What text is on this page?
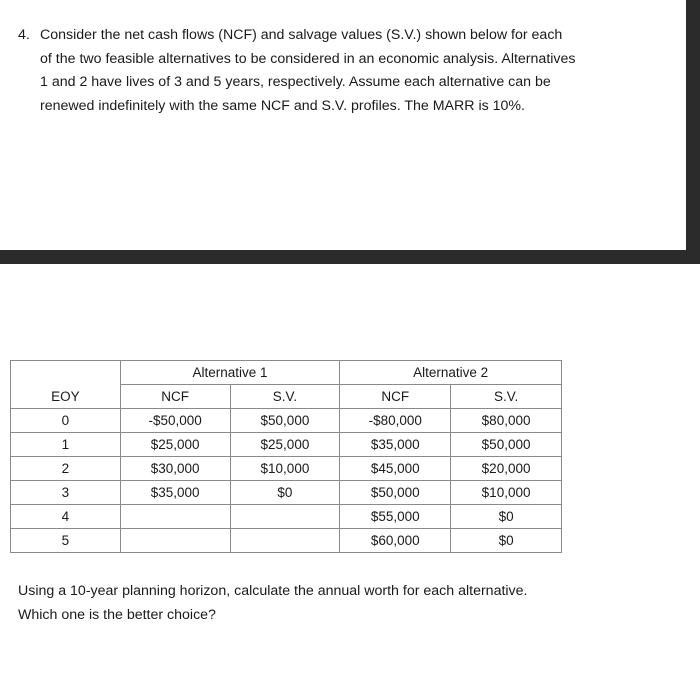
4. Consider the net cash flows (NCF) and salvage values (S.V.) shown below for each of the two feasible alternatives to be considered in an economic analysis. Alternatives 1 and 2 have lives of 3 and 5 years, respectively. Assume each alternative can be renewed indefinitely with the same NCF and S.V. profiles. The MARR is 10%.
	Alternative 1		Alternative 2	
EOY	NCF	S.V.	NCF	S.V.
0	-$50,000	$50,000	-$80,000	$80,000
1	$25,000	$25,000	$35,000	$50,000
2	$30,000	$10,000	$45,000	$20,000
3	$35,000	$0	$50,000	$10,000
4			$55,000	$0
5			$60,000	$0
Using a 10-year planning horizon, calculate the annual worth for each alternative.
Which one is the better choice?
